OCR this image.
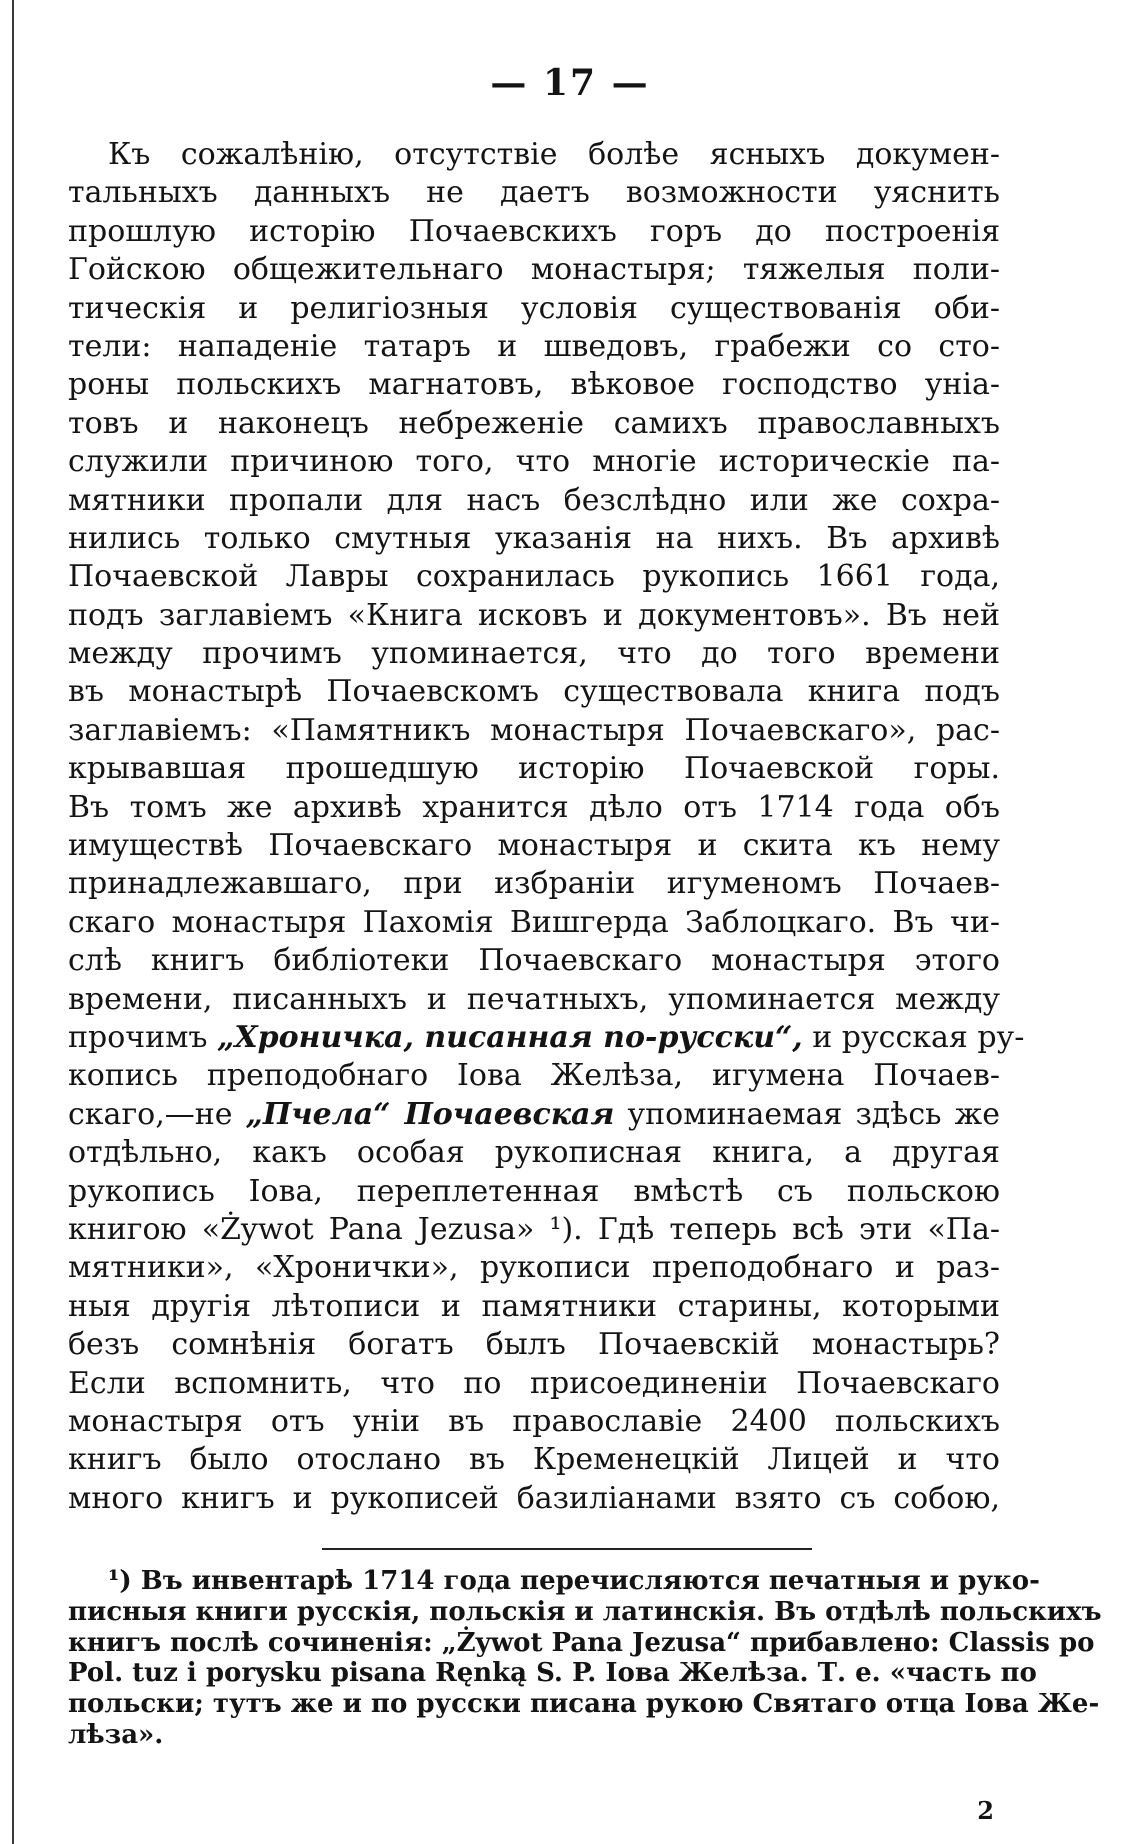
— 17 —
Къ сожалѣнію, отсутствіе болѣе ясныхъ докумен-
тальныхъ данныхъ не даетъ возможности уяснить
прошлую исторію Почаевскихъ горъ до построенія
Гойскою общежительнаго монастыря; тяжелыя поли-
тическія и религіозныя условія существованія оби-
тели: нападеніе татаръ и шведовъ, грабежи со сто-
роны польскихъ магнатовъ, вѣковое господство уніа-
товъ и наконецъ небреженіе самихъ православныхъ
служили причиною того, что многіе историческіе па-
мятники пропали для насъ безслѣдно или же сохра-
нились только смутныя указанія на нихъ. Въ архивѣ
Почаевской Лавры сохранилась рукопись 1661 года,
подъ заглавіемъ «Книга исковъ и документовъ». Въ ней
между прочимъ упоминается, что до того времени
въ монастырѣ Почаевскомъ существовала книга подъ
заглавіемъ: «Памятникъ монастыря Почаевскаго», рас-
крывавшая прошедшую исторію Почаевской горы.
Въ томъ же архивѣ хранится дѣло отъ 1714 года объ
имуществѣ Почаевскаго монастыря и скита къ нему
принадлежавшаго, при избраніи игуменомъ Почаев-
скаго монастыря Пахомія Вишгерда Заблоцкаго. Въ чи-
слѣ книгъ библіотеки Почаевскаго монастыря этого
времени, писанныхъ и печатныхъ, упоминается между
прочимъ „Хроничка, писанная по-русски“, и русская ру-
копись преподобнаго Іова Желѣза, игумена Почаев-
скаго,—не „Пчела“ Почаевская упоминаемая здѣсь же
отдѣльно, какъ особая рукописная книга, а другая
рукопись Іова, переплетенная вмѣстѣ съ польскою
книгою «Żywot Pana Jezusa» ¹). Гдѣ теперь всѣ эти «Па-
мятники», «Хронички», рукописи преподобнаго и раз-
ныя другія лѣтописи и памятники старины, которыми
безъ сомнѣнія богатъ былъ Почаевскій монастырь?
Если вспомнить, что по присоединеніи Почаевскаго
монастыря отъ уніи въ православіе 2400 польскихъ
книгъ было отослано въ Кременецкій Лицей и что
много книгъ и рукописей базиліанами взято съ собою,
¹) Въ инвентарѣ 1714 года перечисляются печатныя и руко-
писныя книги русскія, польскія и латинскія. Въ отдѣлѣ польскихъ
книгъ послѣ сочиненія: „Żywot Pana Jezusa“ прибавлено: Classis po
Pol. tuz i porysku pisana Ręnką S. P. Іова Желѣза. Т. е. «часть по
польски; тутъ же и по русски писана рукою Святаго отца Іова Же-
лѣза».
2
